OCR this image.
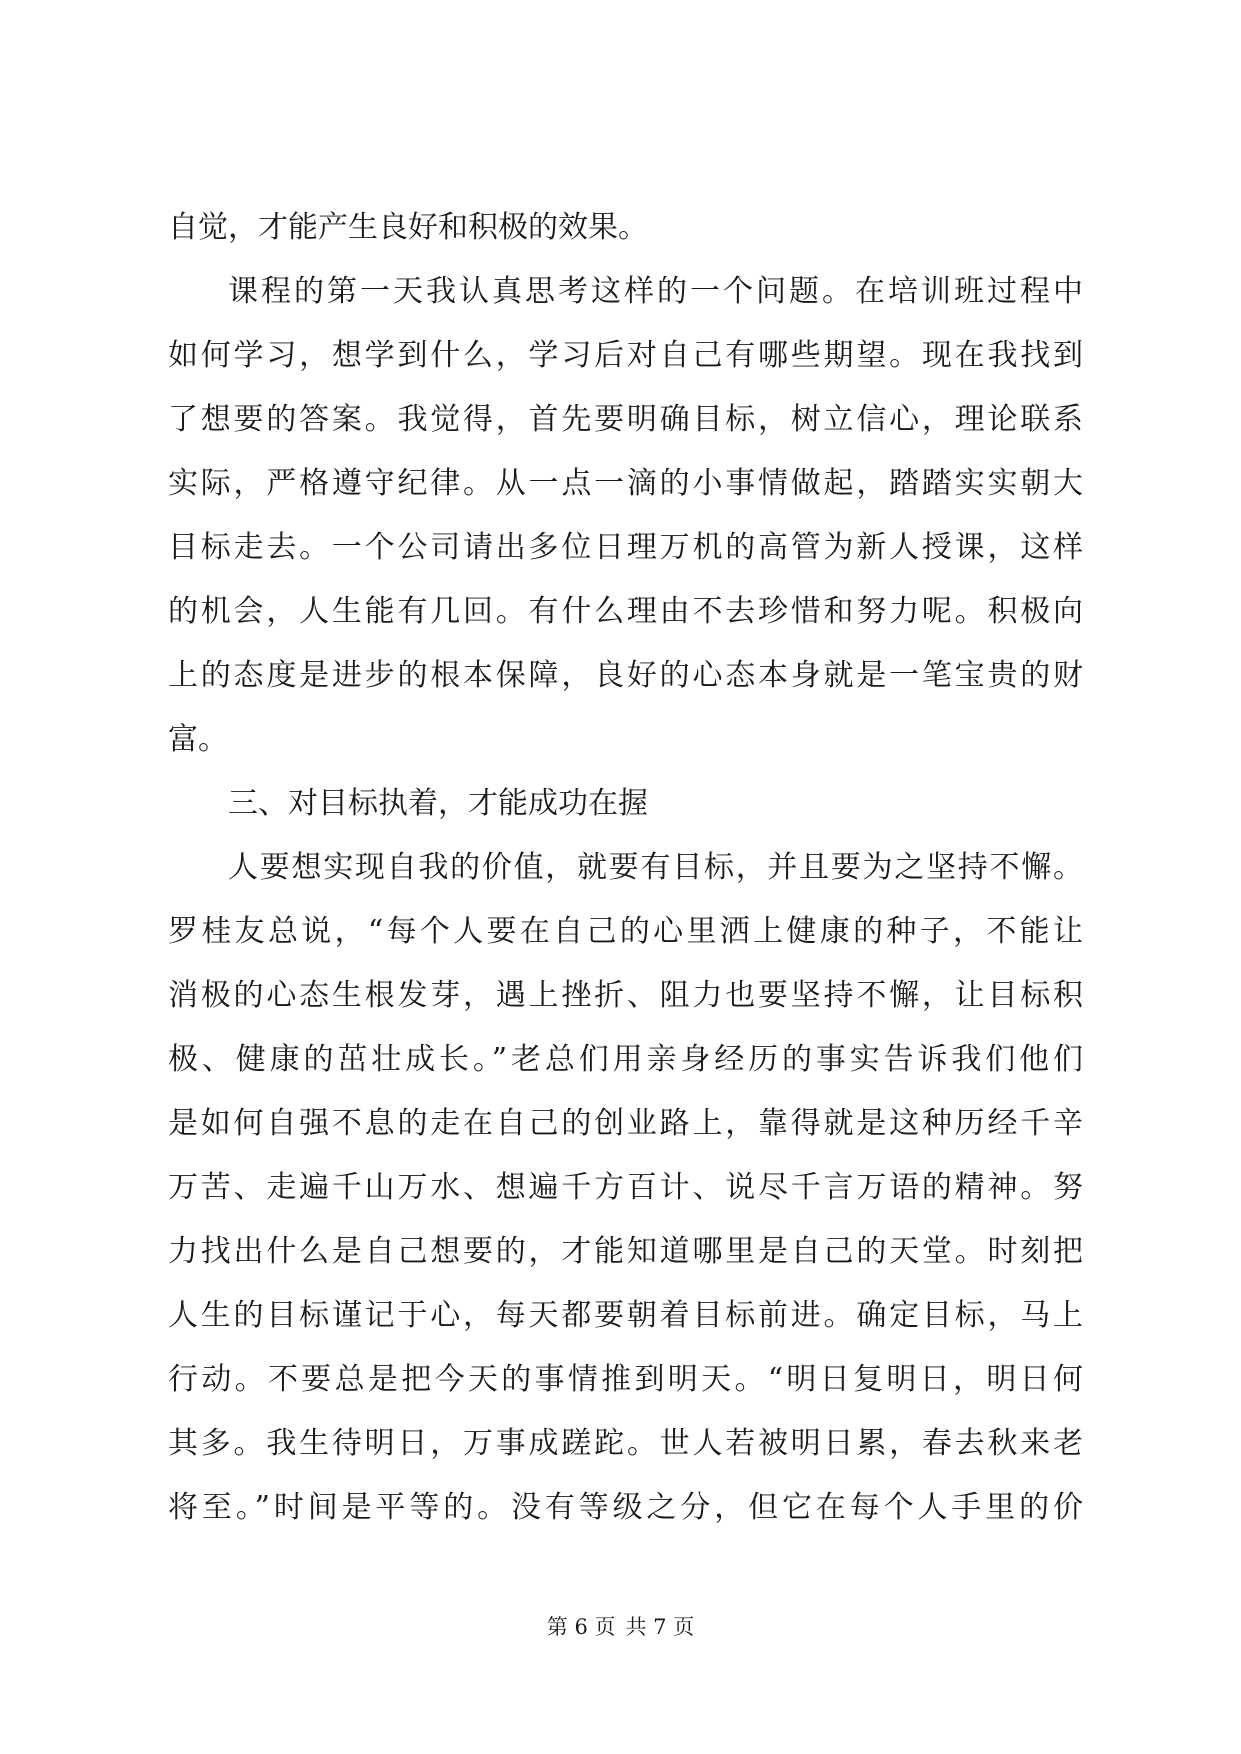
自觉，才能产生良好和积极的效果。
课程的第一天我认真思考这样的一个问题。在培训班过程中
如何学习，想学到什么，学习后对自己有哪些期望。现在我找到
了想要的答案。我觉得，首先要明确目标，树立信心，理论联系
实际，严格遵守纪律。从一点一滴的小事情做起，踏踏实实朝大
目标走去。一个公司请出多位日理万机的高管为新人授课，这样
的机会，人生能有几回。有什么理由不去珍惜和努力呢。积极向
上的态度是进步的根本保障，良好的心态本身就是一笔宝贵的财
富。
三、对目标执着，才能成功在握
人要想实现自我的价值，就要有目标，并且要为之坚持不懈。
罗桂友总说，“每个人要在自己的心里洒上健康的种子，不能让
消极的心态生根发芽，遇上挫折、阻力也要坚持不懈，让目标积
极、健康的茁壮成长。”老总们用亲身经历的事实告诉我们他们
是如何自强不息的走在自己的创业路上，靠得就是这种历经千辛
万苦、走遍千山万水、想遍千方百计、说尽千言万语的精神。努
力找出什么是自己想要的，才能知道哪里是自己的天堂。时刻把
人生的目标谨记于心，每天都要朝着目标前进。确定目标，马上
行动。不要总是把今天的事情推到明天。“明日复明日，明日何
其多。我生待明日，万事成蹉跎。世人若被明日累，春去秋来老
将至。”时间是平等的。没有等级之分，但它在每个人手里的价
第 6 页 共 7 页
